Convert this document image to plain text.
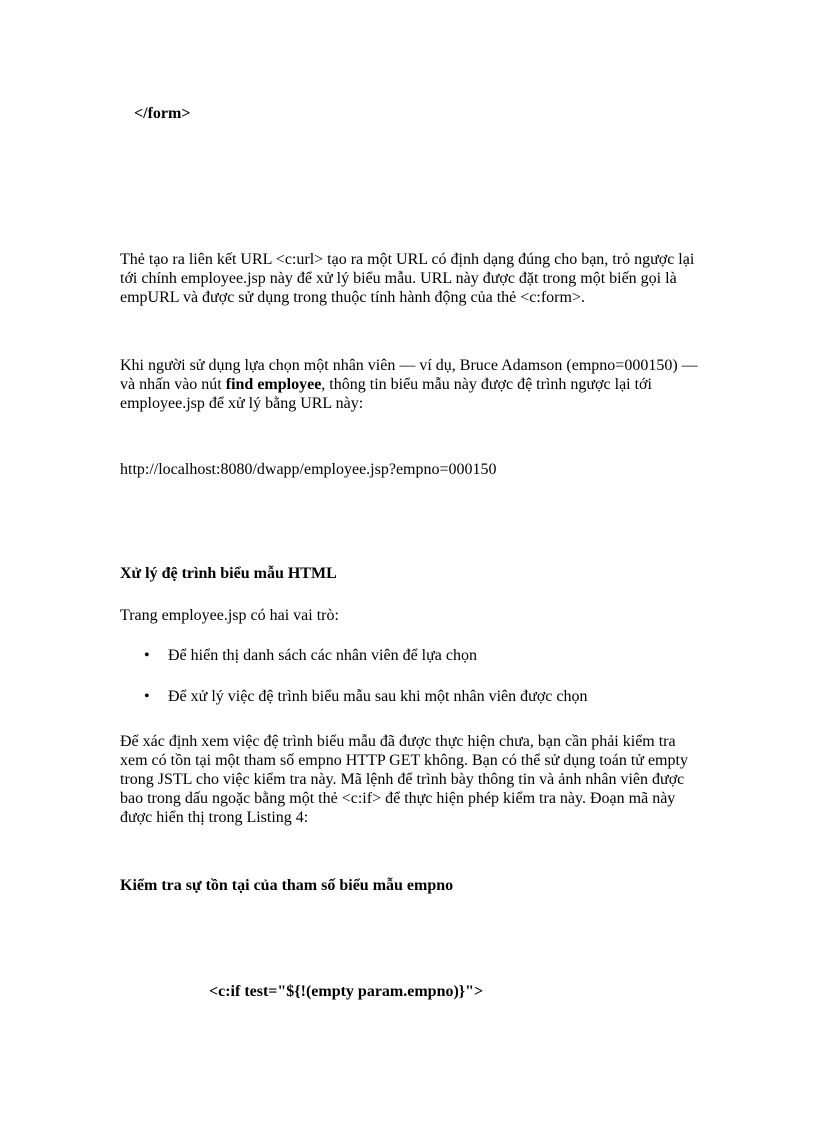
</form>

Thẻ tạo ra liên kết URL <c:url> tạo ra một URL có định dạng đúng cho bạn, trỏ ngược lại tới chính employee.jsp này để xử lý biểu mẫu. URL này được đặt trong một biến gọi là empURL và được sử dụng trong thuộc tính hành động của thẻ <c:form>.

Khi người sử dụng lựa chọn một nhân viên — ví dụ, Bruce Adamson (empno=000150) — và nhấn vào nút find employee, thông tin biểu mẫu này được đệ trình ngược lại tới employee.jsp để xử lý bằng URL này:

http://localhost:8080/dwapp/employee.jsp?empno=000150

Xử lý đệ trình biểu mẫu HTML

Trang employee.jsp có hai vai trò:

• Để hiển thị danh sách các nhân viên để lựa chọn
• Để xử lý việc đệ trình biểu mẫu sau khi một nhân viên được chọn

Để xác định xem việc đệ trình biểu mẫu đã được thực hiện chưa, bạn cần phải kiểm tra xem có tồn tại một tham số empno HTTP GET không. Bạn có thể sử dụng toán tử empty trong JSTL cho việc kiểm tra này. Mã lệnh để trình bày thông tin và ảnh nhân viên được bao trong dấu ngoặc bằng một thẻ <c:if> để thực hiện phép kiểm tra này. Đoạn mã này được hiển thị trong Listing 4:

Kiểm tra sự tồn tại của tham số biểu mẫu empno

<c:if test="${!(empty param.empno)}">
